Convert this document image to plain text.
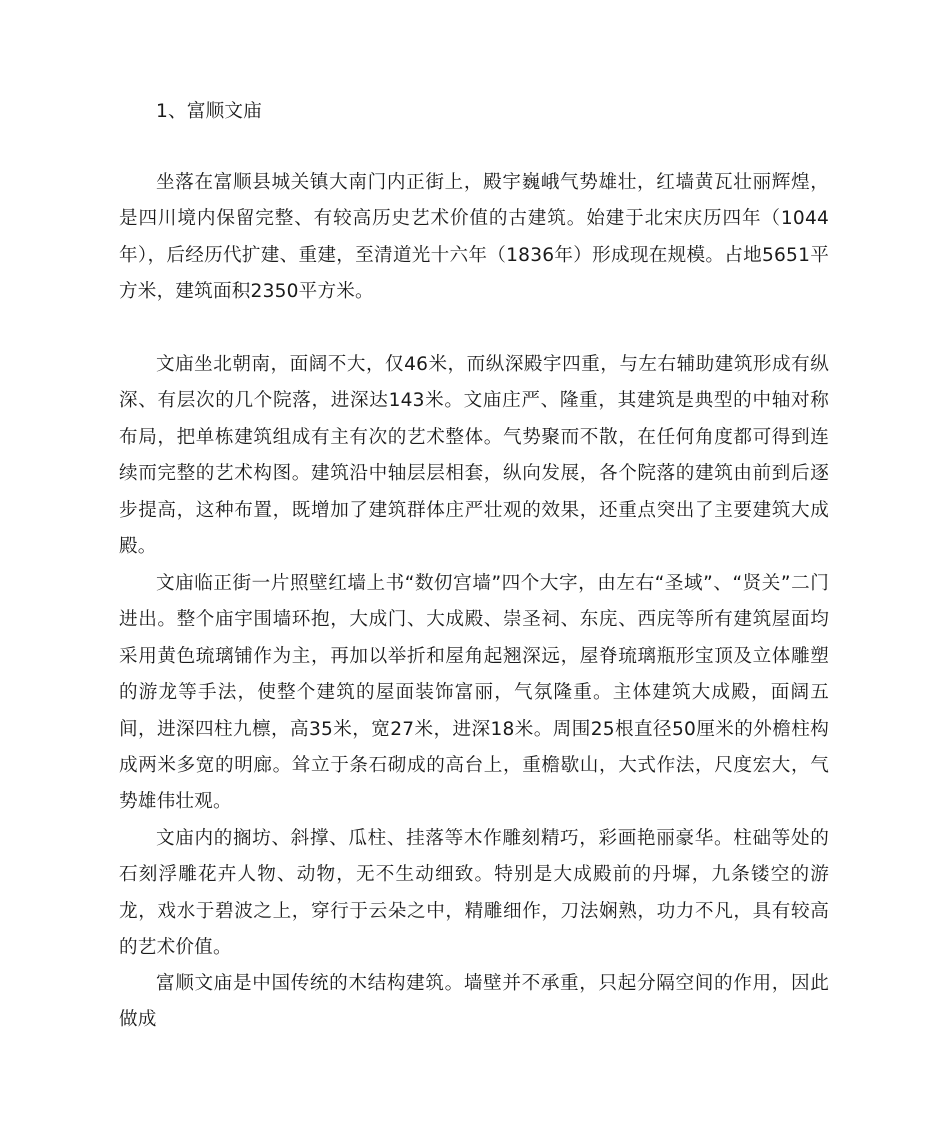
1、富顺文庙

坐落在富顺县城关镇大南门内正街上，殿宇巍峨气势雄壮，红墙黄瓦壮丽辉煌，是四川境内保留完整、有较高历史艺术价值的古建筑。始建于北宋庆历四年（1044年），后经历代扩建、重建，至清道光十六年（1836年）形成现在规模。占地5651平方米，建筑面积2350平方米。

文庙坐北朝南，面阔不大，仅46米，而纵深殿宇四重，与左右辅助建筑形成有纵深、有层次的几个院落，进深达143米。文庙庄严、隆重，其建筑是典型的中轴对称布局，把单栋建筑组成有主有次的艺术整体。气势聚而不散，在任何角度都可得到连续而完整的艺术构图。建筑沿中轴层层相套，纵向发展，各个院落的建筑由前到后逐步提高，这种布置，既增加了建筑群体庄严壮观的效果，还重点突出了主要建筑大成殿。

文庙临正街一片照壁红墙上书“数仞宫墙”四个大字，由左右“圣域”、“贤关”二门进出。整个庙宇围墙环抱，大成门、大成殿、崇圣祠、东庑、西庑等所有建筑屋面均采用黄色琉璃铺作为主，再加以举折和屋角起翘深远，屋脊琉璃瓶形宝顶及立体雕塑的游龙等手法，使整个建筑的屋面装饰富丽，气氛隆重。主体建筑大成殿，面阔五间，进深四柱九檩，高35米，宽27米，进深18米。周围25根直径50厘米的外檐柱构成两米多宽的明廊。耸立于条石砌成的高台上，重檐歇山，大式作法，尺度宏大，气势雄伟壮观。

文庙内的搁坊、斜撑、瓜柱、挂落等木作雕刻精巧，彩画艳丽豪华。柱础等处的石刻浮雕花卉人物、动物，无不生动细致。特别是大成殿前的丹墀，九条镂空的游龙，戏水于碧波之上，穿行于云朵之中，精雕细作，刀法娴熟，功力不凡，具有较高的艺术价值。

富顺文庙是中国传统的木结构建筑。墙壁并不承重，只起分隔空间的作用，因此做成
